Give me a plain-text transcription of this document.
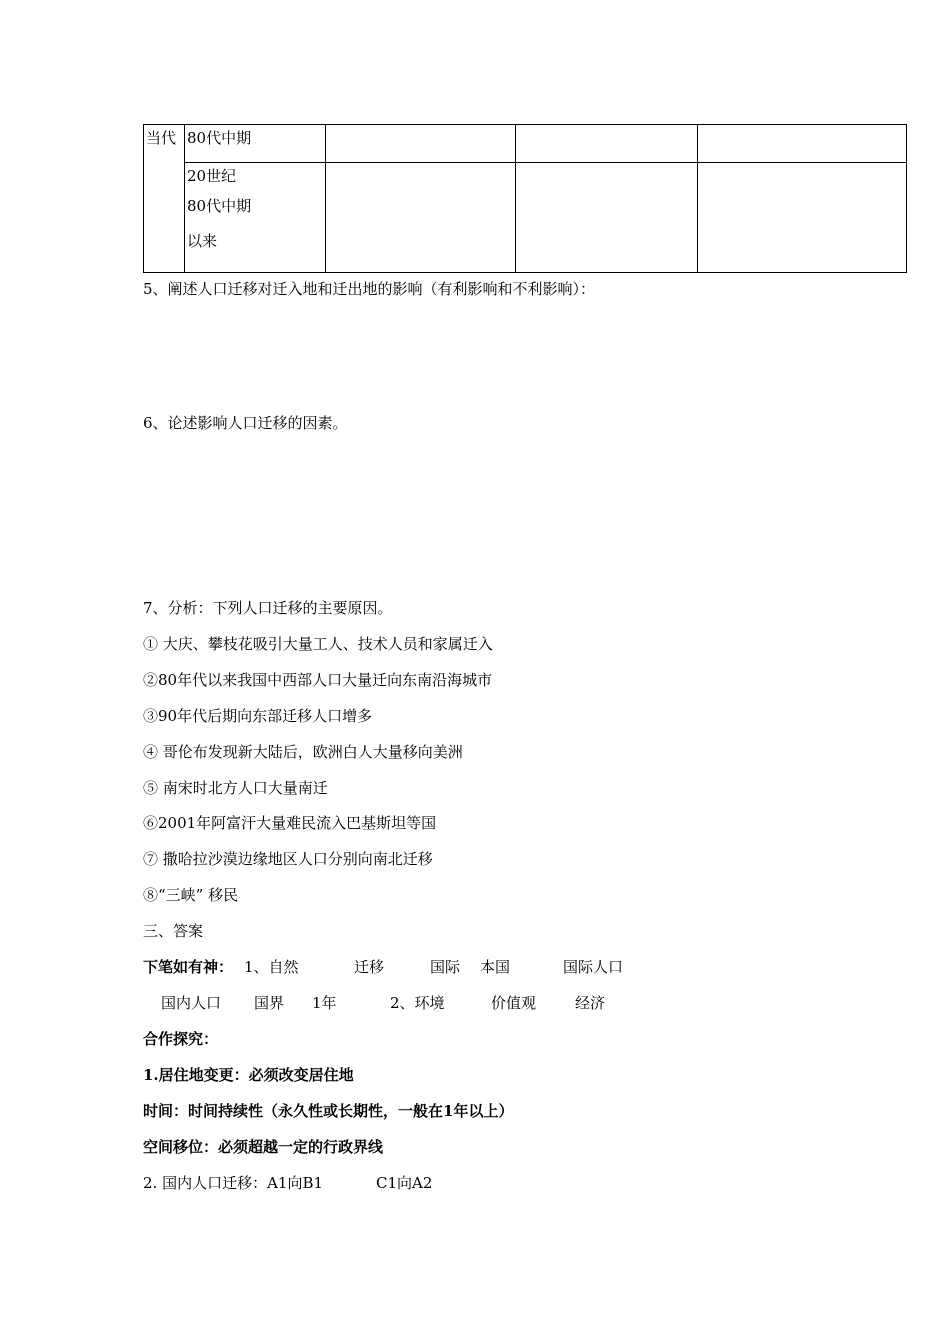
当代	80代中期			

	20世纪
80代中期
以来			

5、阐述人口迁移对迁入地和迁出地的影响（有利影响和不利影响）：
6、论述影响人口迁移的因素。
7、分析：下列人口迁移的主要原因。
① 大庆、攀枝花吸引大量工人、技术人员和家属迁入
②80年代以来我国中西部人口大量迁向东南沿海城市
③90年代后期向东部迁移人口增多
④ 哥伦布发现新大陆后，欧洲白人大量移向美洲
⑤ 南宋时北方人口大量南迁
⑥2001年阿富汗大量难民流入巴基斯坦等国
⑦ 撒哈拉沙漠边缘地区人口分别向南北迁移
⑧“三峡” 移民
三、答案
下笔如有神： 1、自然	迁移	国际 本国	国际人口
国内人口 国界 1年	2、环境	价值观	经济
合作探究：
1.居住地变更：必须改变居住地
时间：时间持续性（永久性或长期性，一般在1年以上）
空间移位：必须超越一定的行政界线
2. 国内人口迁移：A1向B1	C1向A2
